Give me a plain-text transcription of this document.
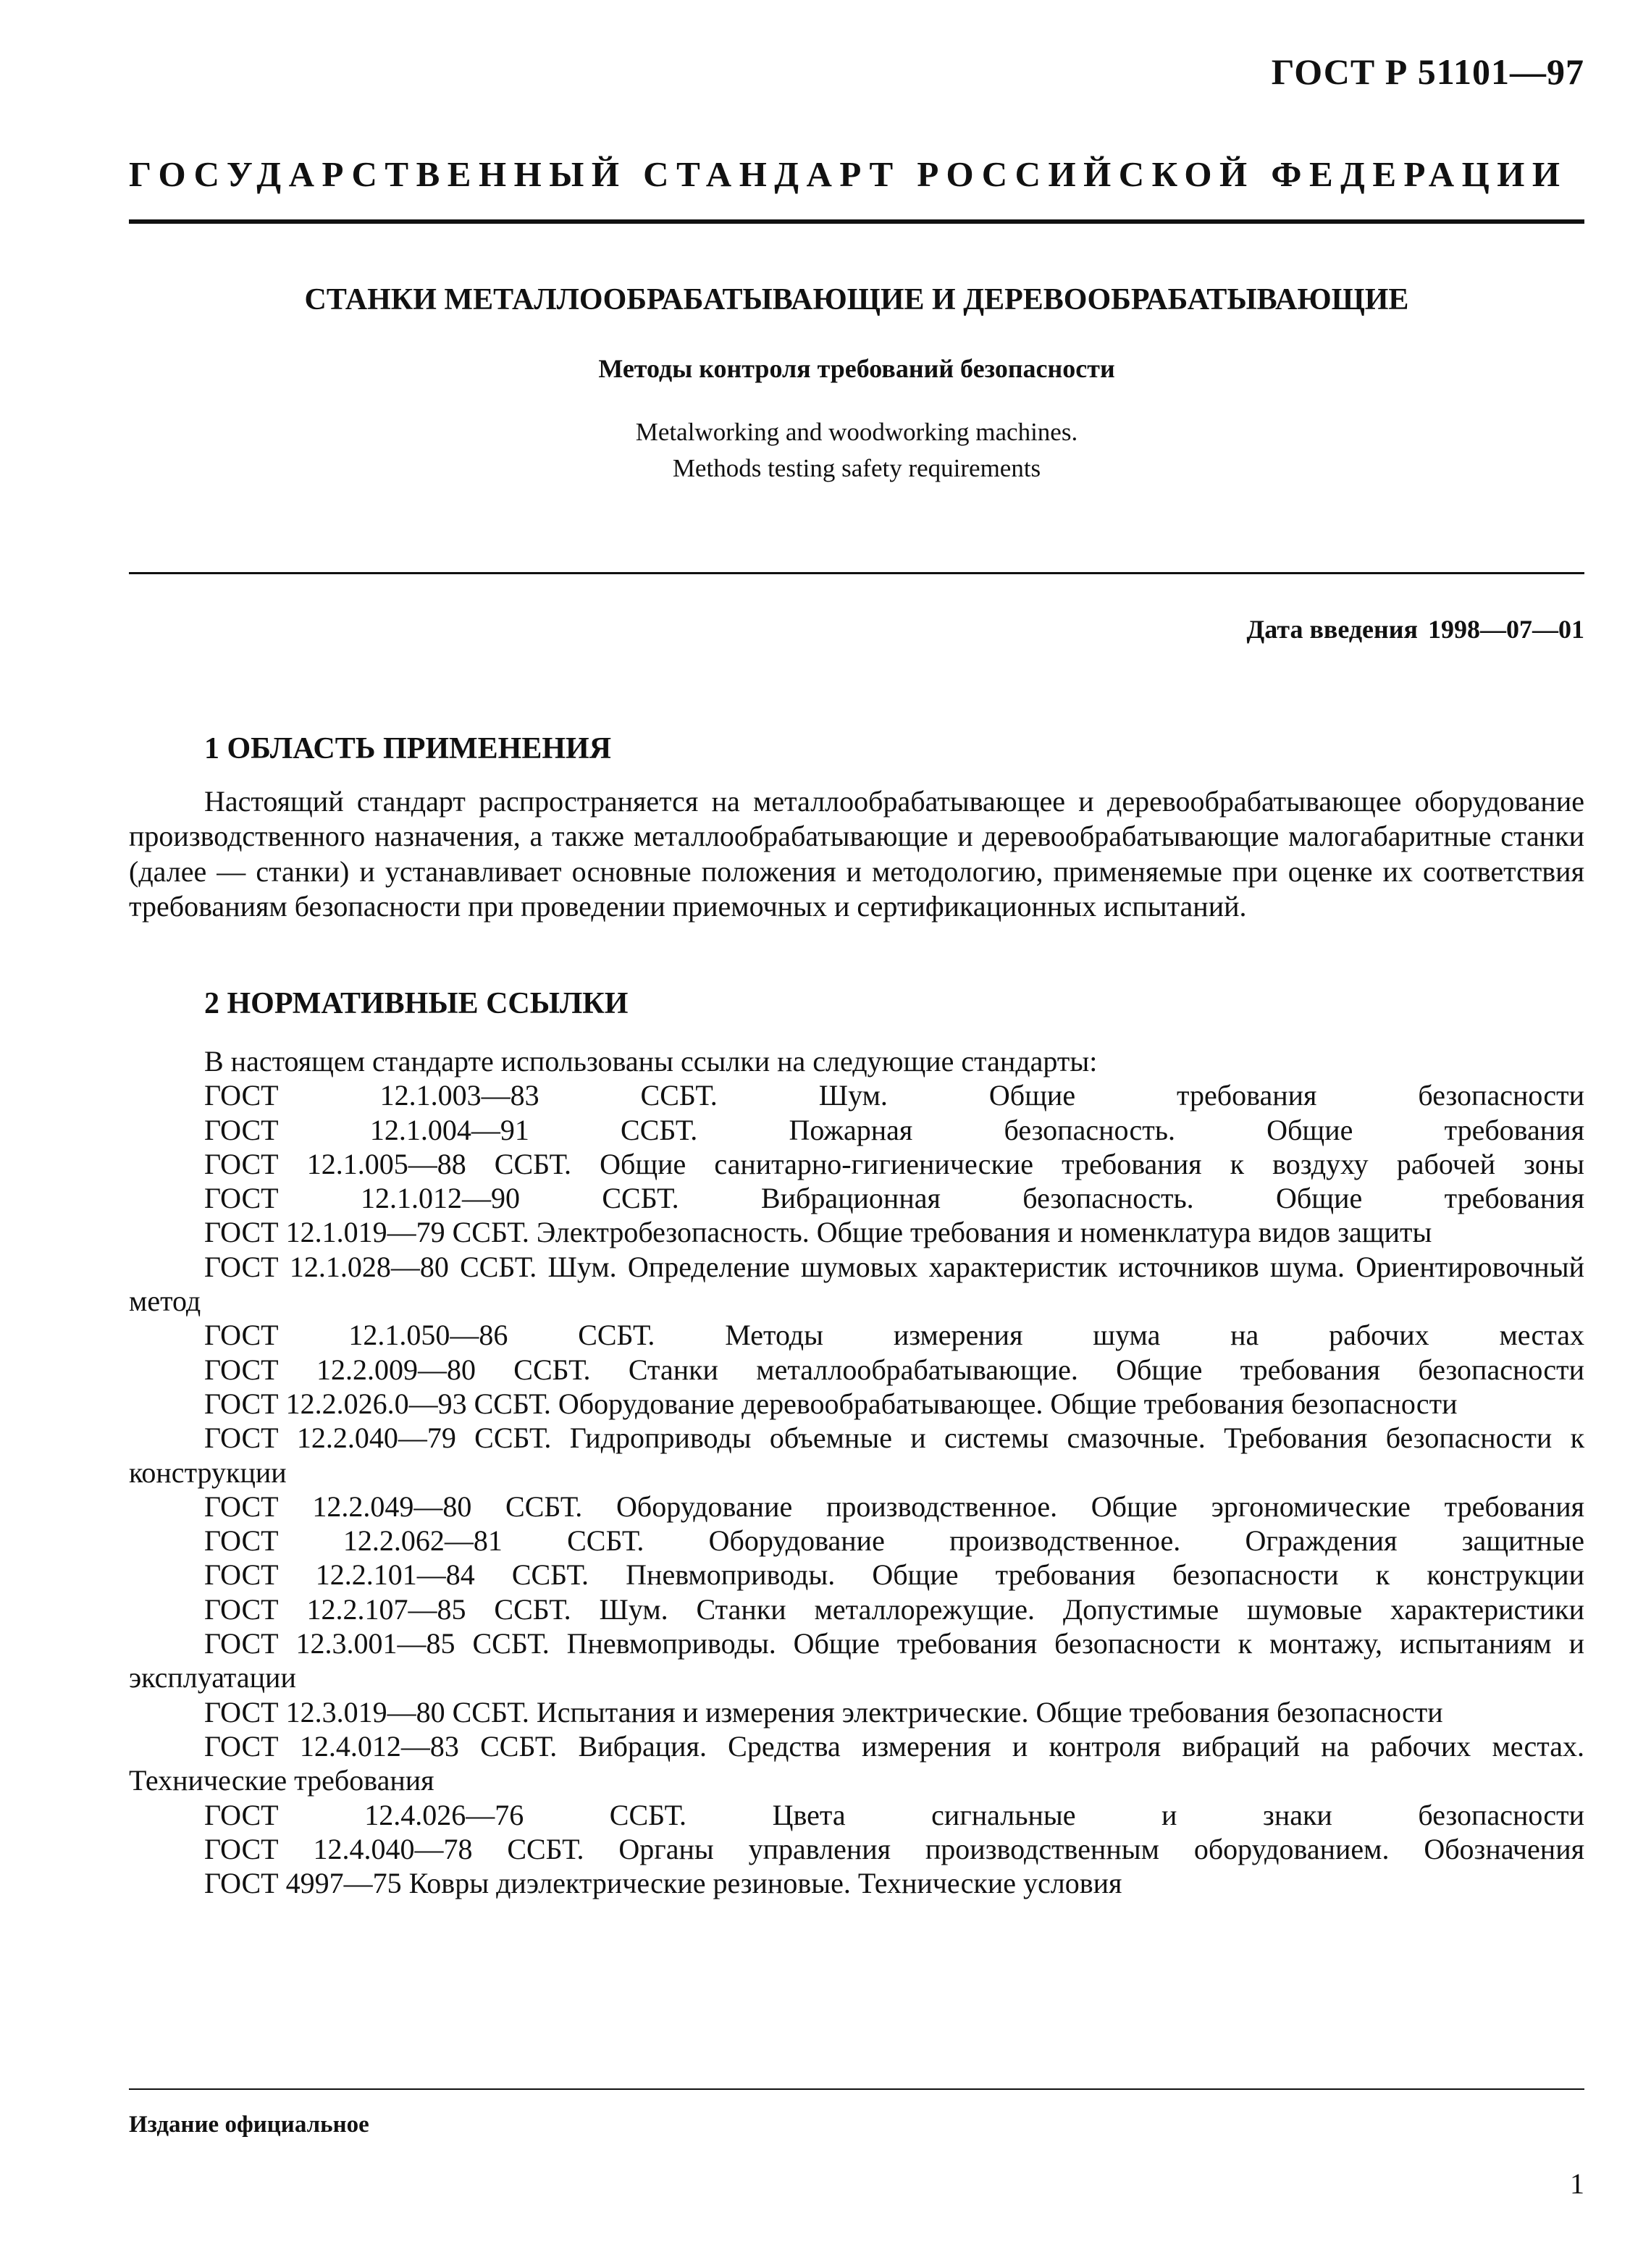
ГОСТ Р 51101—97
ГОСУДАРСТВЕННЫЙ СТАНДАРТ РОССИЙСКОЙ ФЕДЕРАЦИИ
СТАНКИ МЕТАЛЛООБРАБАТЫВАЮЩИЕ И ДЕРЕВООБРАБАТЫВАЮЩИЕ
Методы контроля требований безопасности
Metalworking and woodworking machines.
Methods testing safety requirements
Дата введения 1998—07—01
1 ОБЛАСТЬ ПРИМЕНЕНИЯ

Настоящий стандарт распространяется на металлообрабатывающее и деревообрабатывающее оборудование производственного назначения, а также металлообрабатывающие и деревообрабатывающие малогабаритные станки (далее — станки) и устанавливает основные положения и методологию, применяемые при оценке их соответствия требованиям безопасности при проведении приемочных и сертификационных испытаний.

2 НОРМАТИВНЫЕ ССЫЛКИ

В настоящем стандарте использованы ссылки на следующие стандарты:

ГОСТ 12.1.003—83 ССБТ. Шум. Общие требования безопасности

ГОСТ 12.1.004—91 ССБТ. Пожарная безопасность. Общие требования

ГОСТ 12.1.005—88 ССБТ. Общие санитарно-гигиенические требования к воздуху рабочей зоны

ГОСТ 12.1.012—90 ССБТ. Вибрационная безопасность. Общие требования

ГОСТ 12.1.019—79 ССБТ. Электробезопасность. Общие требования и номенклатура видов защиты

ГОСТ 12.1.028—80 ССБТ. Шум. Определение шумовых характеристик источников шума. Ориентировочный метод

ГОСТ 12.1.050—86 ССБТ. Методы измерения шума на рабочих местах

ГОСТ 12.2.009—80 ССБТ. Станки металлообрабатывающие. Общие требования безопасности

ГОСТ 12.2.026.0—93 ССБТ. Оборудование деревообрабатывающее. Общие требования безопасности

ГОСТ 12.2.040—79 ССБТ. Гидроприводы объемные и системы смазочные. Требования безопасности к конструкции

ГОСТ 12.2.049—80 ССБТ. Оборудование производственное. Общие эргономические требования

ГОСТ 12.2.062—81 ССБТ. Оборудование производственное. Ограждения защитные

ГОСТ 12.2.101—84 ССБТ. Пневмоприводы. Общие требования безопасности к конструкции

ГОСТ 12.2.107—85 ССБТ. Шум. Станки металлорежущие. Допустимые шумовые характеристики

ГОСТ 12.3.001—85 ССБТ. Пневмоприводы. Общие требования безопасности к монтажу, испытаниям и эксплуатации

ГОСТ 12.3.019—80 ССБТ. Испытания и измерения электрические. Общие требования безопасности

ГОСТ 12.4.012—83 ССБТ. Вибрация. Средства измерения и контроля вибраций на рабочих местах. Технические требования

ГОСТ 12.4.026—76 ССБТ. Цвета сигнальные и знаки безопасности

ГОСТ 12.4.040—78 ССБТ. Органы управления производственным оборудованием. Обозначения

ГОСТ 4997—75 Ковры диэлектрические резиновые. Технические условия

Издание официальное
1
